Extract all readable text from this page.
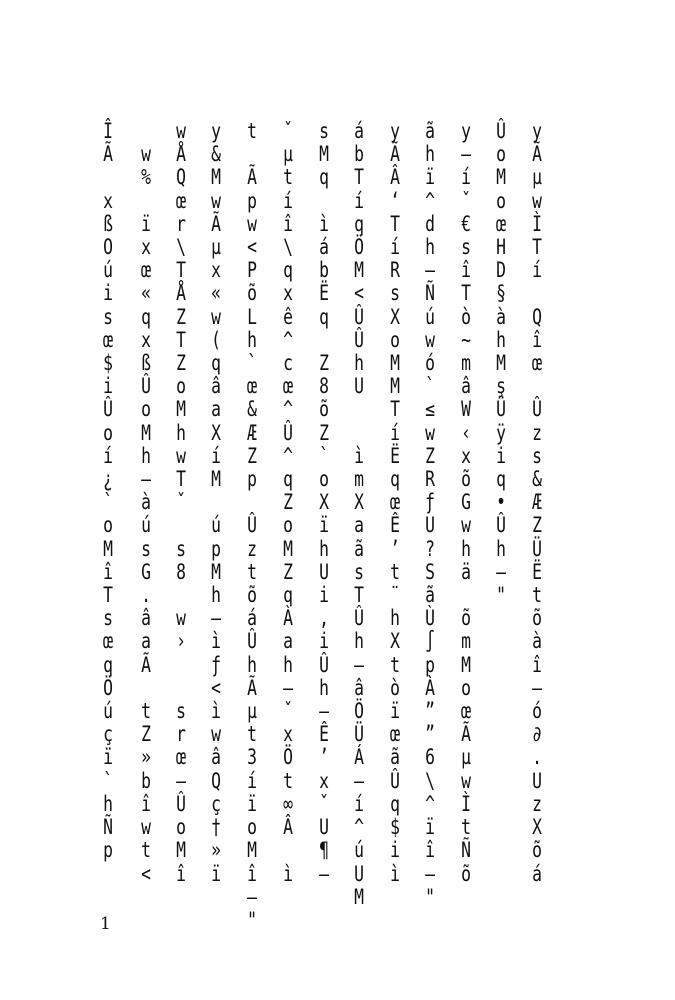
Î
Ã

x
ß
O
ú
i
s
œ
$
i
Û
o
í
¿
`
o
M
î
T
s
œ
q
Ö
ú
ç
ï
`
h
Ñ
p

w
%

ï
x
œ
«
q
x
ß
Û
o
M
h
–
à
ú
s
G
.
â
a
Ã

t
Z
»
b
î
w
t
<
w
Å
Q
œ
r
\
T
Å
Z
T
Z
o
M
h
w
T
ˇ

s
8

w
›

s
r
œ
–
Û
o
M
î
y
&
M
w
Ã
µ
x
«
w
(
q
â
a
X
í
M

ú
p
M
h
–
ì
ƒ
<
ì
w
â
Q
ç
†
»
ï
t

Ã
p
w
<
P
õ
L
h
`
œ
&
Æ
Z
p

Û
z
t
õ
á
Û
h
Ã
µ
t
3
í
ï
o
M
î
–
"
ˇ
µ
t
í
î
\
q
x
ê
^
c
œ
^
Û
^
q
Z
o
M
Z
q
À
a
h
–
ˇ
x
Ö
t
∞
Â

ì
s
M
q

ì
á
b
Ë
q

Z
8
õ
Z
`
o
X
ï
h
U
i
,
i
Û
h
–
Ê
’
x
ˇ
U
¶
—
á
b
T
í
q
Ö
M
<
Û
Û
h
U

ì
m
X
a
ã
s
T
Û
h
–
â
Ö
Ü
Á
–
í
^
ú
U
M
y
Ã
Â
‘
T
í
R
s
X
o
M
M
T
í
Ë
q
œ
Ê
’
t
¨
h
X
t
ò
ï
œ
ã
Û
q
$
i
ì
ã
h
ï
^
d
h
–
Ñ
ú
w
ó
`
≤
w
Z
R
ƒ
U
?
S
ã
Ù
∫
p
À
”
”
6
\
^
ï
î
–
"
y
–
í
ˇ
€
s
î
T
ò
~
m
â
W
‹
x
õ
G
w
h
ä

õ
m
M
o
œ
Ã
µ
w
Ì
t
Ñ
õ
Û
o
M
o
œ
H
D
§
à
h
M
ş
Ü
ÿ
i
q
•
Û
h
–
"
y
Ã
µ
w
Ì
T
í

Q
î
œ

Û
z
s
&
Æ
Z
Ü
Ë
t
õ
à
î
–
ó
∂
.
U
z
X
õ
á
1
